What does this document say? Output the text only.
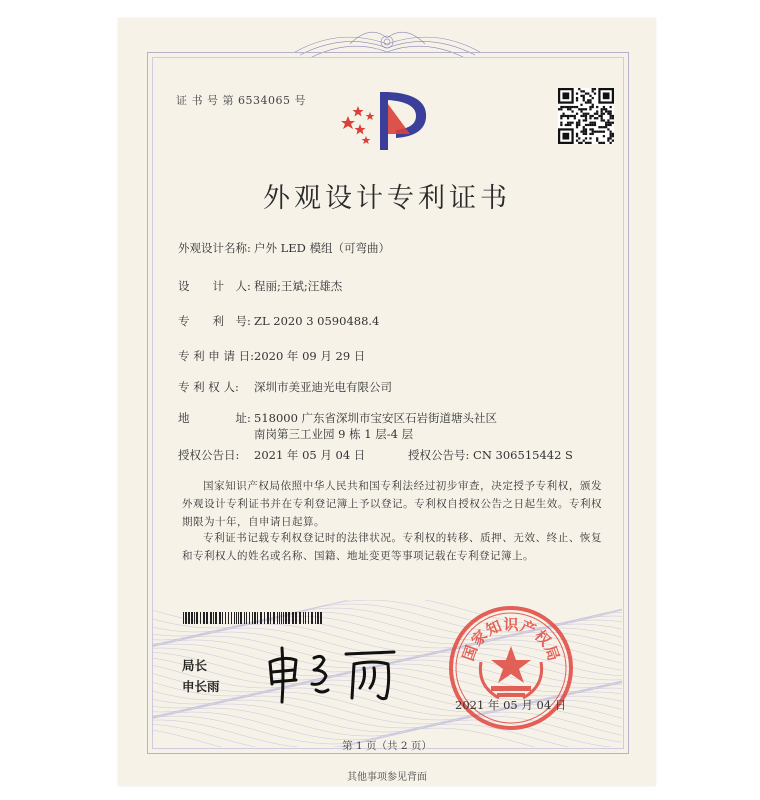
证 书 号 第 6534065 号
外观设计专利证书
外观设计名称: 户外 LED 模组（可弯曲）
设　　计　人: 程丽;王斌;汪雄杰
专　　利　号: ZL 2020 3 0590488.4
专 利 申 请 日: 2020 年 09 月 29 日
专 利 权 人:	深圳市美亚迪光电有限公司
地　　　　址: 518000 广东省深圳市宝安区石岩街道塘头社区南岗第三工业园 9 栋 1 层-4 层
授权公告日:	2021 年 05 月 04 日	授权公告号: CN 306515442 S
国家知识产权局依照中华人民共和国专利法经过初步审查，决定授予专利权，颁发外观设计专利证书并在专利登记簿上予以登记。专利权自授权公告之日起生效。专利权期限为十年，自申请日起算。
专利证书记载专利权登记时的法律状况。专利权的转移、质押、无效、终止、恢复和专利权人的姓名或名称、国籍、地址变更等事项记载在专利登记簿上。
局长
申长雨
国
家
知 识 产
权
局
2021 年 05 月 04 日
第 1 页（共 2 页）
其他事项参见背面
